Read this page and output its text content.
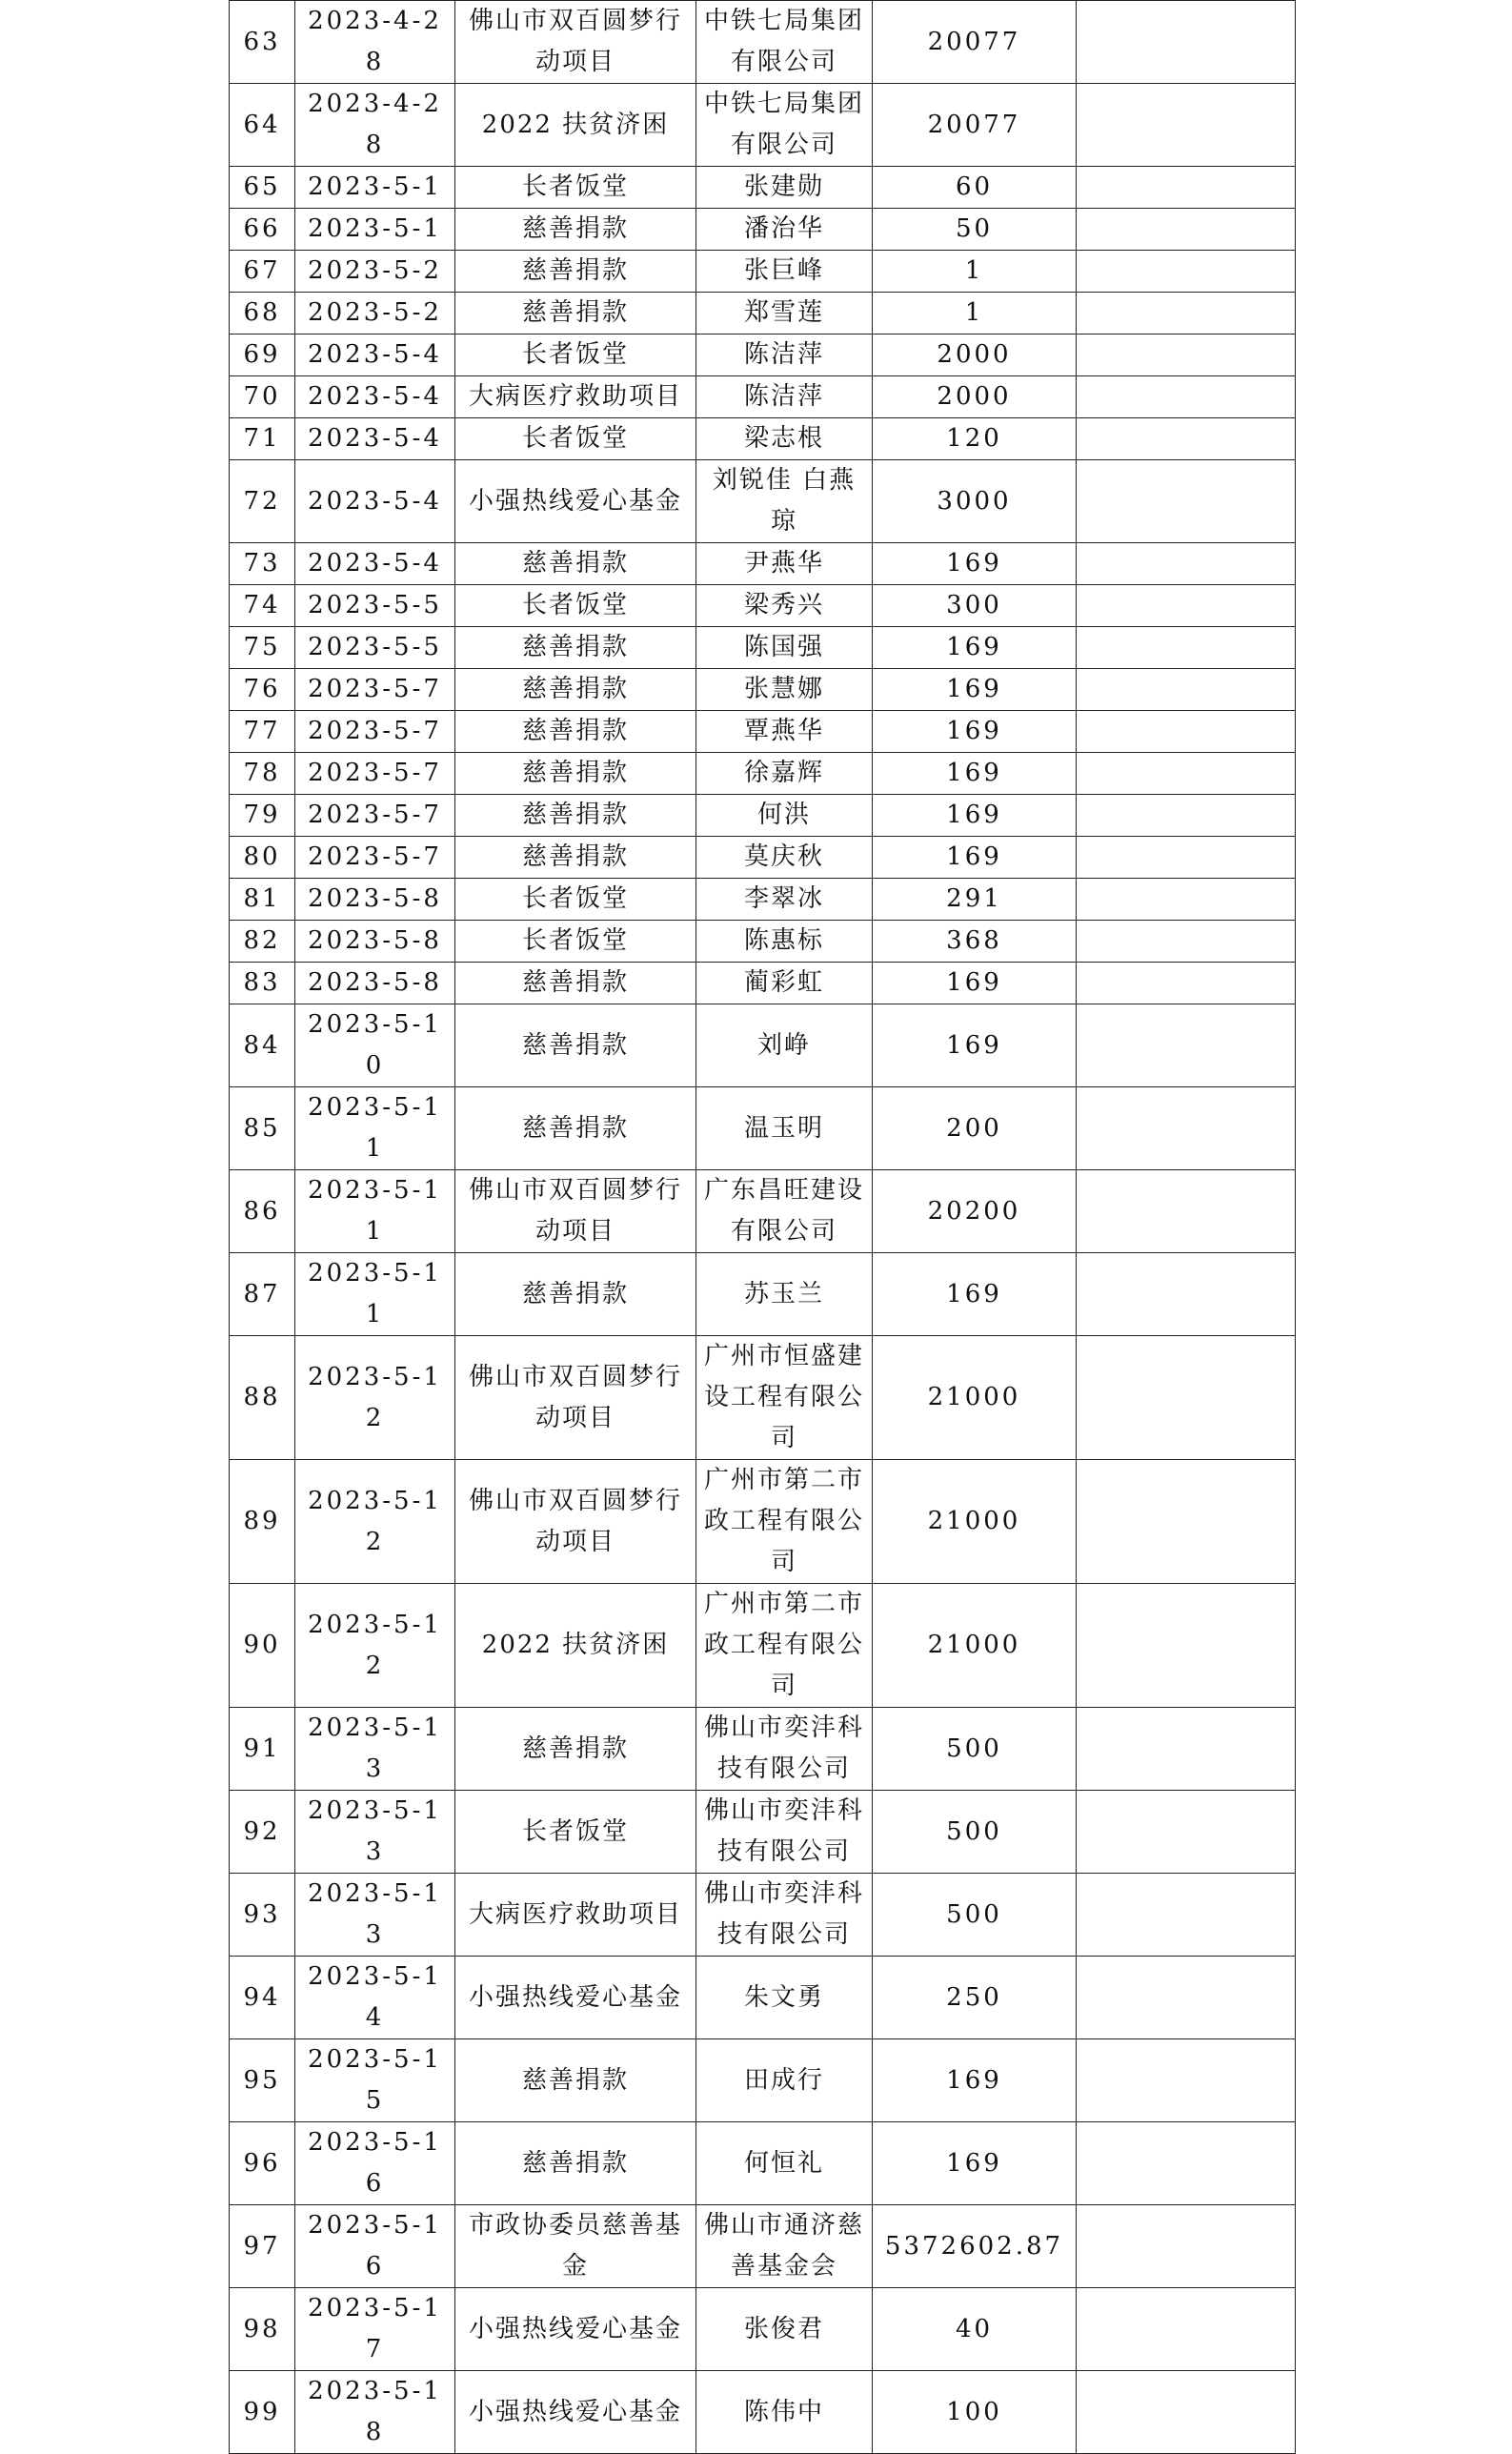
63	2023-4-28	佛山市双百圆梦行动项目	中铁七局集团有限公司	20077	
64	2023-4-28	2022 扶贫济困	中铁七局集团有限公司	20077	
65	2023-5-1	长者饭堂	张建勋	60	
66	2023-5-1	慈善捐款	潘治华	50	
67	2023-5-2	慈善捐款	张巨峰	1	
68	2023-5-2	慈善捐款	郑雪莲	1	
69	2023-5-4	长者饭堂	陈洁萍	2000	
70	2023-5-4	大病医疗救助项目	陈洁萍	2000	
71	2023-5-4	长者饭堂	梁志根	120	
72	2023-5-4	小强热线爱心基金	刘锐佳 白燕琼	3000	
73	2023-5-4	慈善捐款	尹燕华	169	
74	2023-5-5	长者饭堂	梁秀兴	300	
75	2023-5-5	慈善捐款	陈国强	169	
76	2023-5-7	慈善捐款	张慧娜	169	
77	2023-5-7	慈善捐款	覃燕华	169	
78	2023-5-7	慈善捐款	徐嘉辉	169	
79	2023-5-7	慈善捐款	何洪	169	
80	2023-5-7	慈善捐款	莫庆秋	169	
81	2023-5-8	长者饭堂	李翠冰	291	
82	2023-5-8	长者饭堂	陈惠标	368	
83	2023-5-8	慈善捐款	蔺彩虹	169	
84	2023-5-10	慈善捐款	刘峥	169	
85	2023-5-11	慈善捐款	温玉明	200	
86	2023-5-11	佛山市双百圆梦行动项目	广东昌旺建设有限公司	20200	
87	2023-5-11	慈善捐款	苏玉兰	169	
88	2023-5-12	佛山市双百圆梦行动项目	广州市恒盛建设工程有限公司	21000	
89	2023-5-12	佛山市双百圆梦行动项目	广州市第二市政工程有限公司	21000	
90	2023-5-12	2022 扶贫济困	广州市第二市政工程有限公司	21000	
91	2023-5-13	慈善捐款	佛山市奕沣科技有限公司	500	
92	2023-5-13	长者饭堂	佛山市奕沣科技有限公司	500	
93	2023-5-13	大病医疗救助项目	佛山市奕沣科技有限公司	500	
94	2023-5-14	小强热线爱心基金	朱文勇	250	
95	2023-5-15	慈善捐款	田成行	169	
96	2023-5-16	慈善捐款	何恒礼	169	
97	2023-5-16	市政协委员慈善基金	佛山市通济慈善基金会	5372602.87	
98	2023-5-17	小强热线爱心基金	张俊君	40	
99	2023-5-18	小强热线爱心基金	陈伟中	100	
